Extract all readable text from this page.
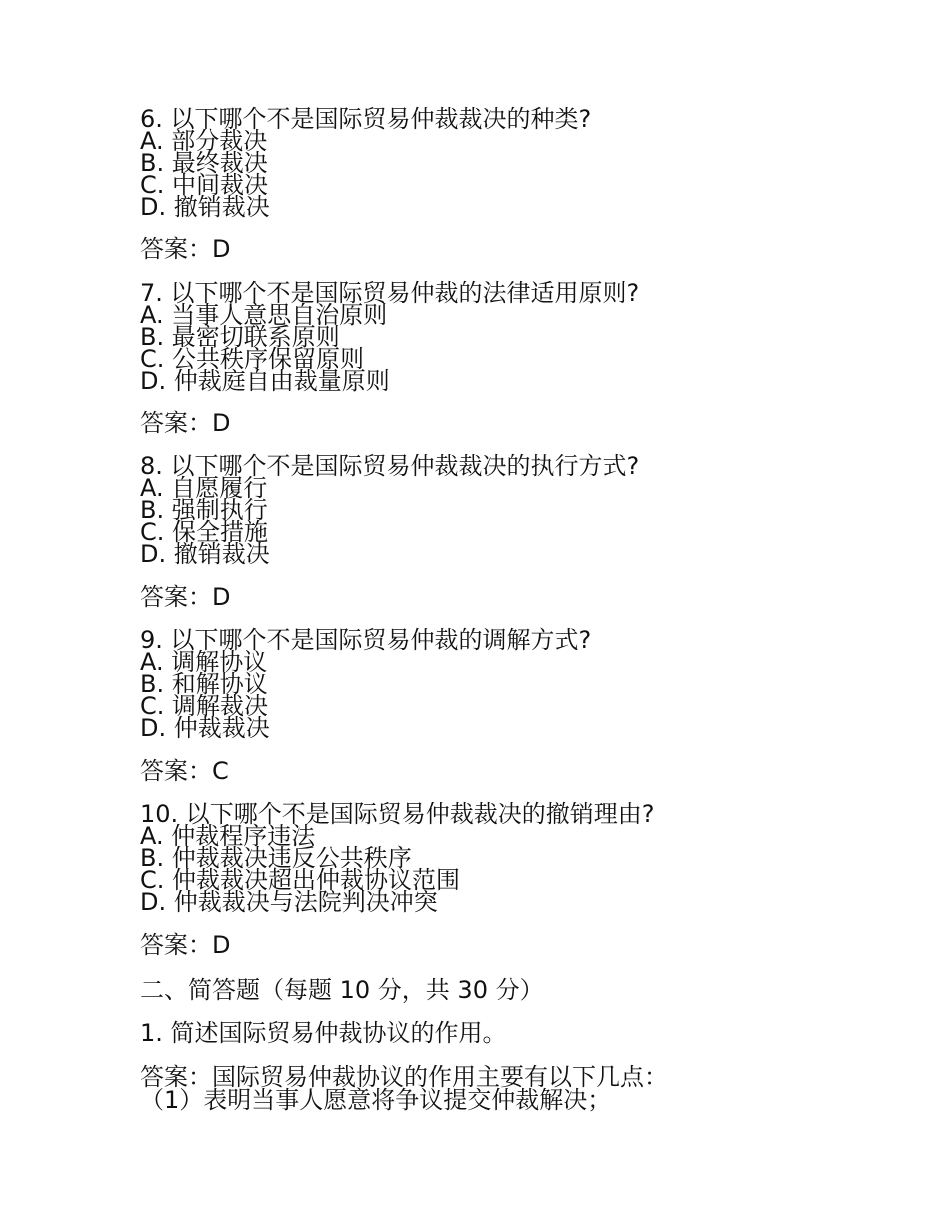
6. 以下哪个不是国际贸易仲裁裁决的种类?
A. 部分裁决
B. 最终裁决
C. 中间裁决
D. 撤销裁决
答案：D
7. 以下哪个不是国际贸易仲裁的法律适用原则?
A. 当事人意思自治原则
B. 最密切联系原则
C. 公共秩序保留原则
D. 仲裁庭自由裁量原则
答案：D
8. 以下哪个不是国际贸易仲裁裁决的执行方式?
A. 自愿履行
B. 强制执行
C. 保全措施
D. 撤销裁决
答案：D
9. 以下哪个不是国际贸易仲裁的调解方式?
A. 调解协议
B. 和解协议
C. 调解裁决
D. 仲裁裁决
答案：C
10. 以下哪个不是国际贸易仲裁裁决的撤销理由?
A. 仲裁程序违法
B. 仲裁裁决违反公共秩序
C. 仲裁裁决超出仲裁协议范围
D. 仲裁裁决与法院判决冲突
答案：D
二、简答题（每题 10 分，共 30 分）
1. 简述国际贸易仲裁协议的作用。
答案：国际贸易仲裁协议的作用主要有以下几点：
（1）表明当事人愿意将争议提交仲裁解决；
